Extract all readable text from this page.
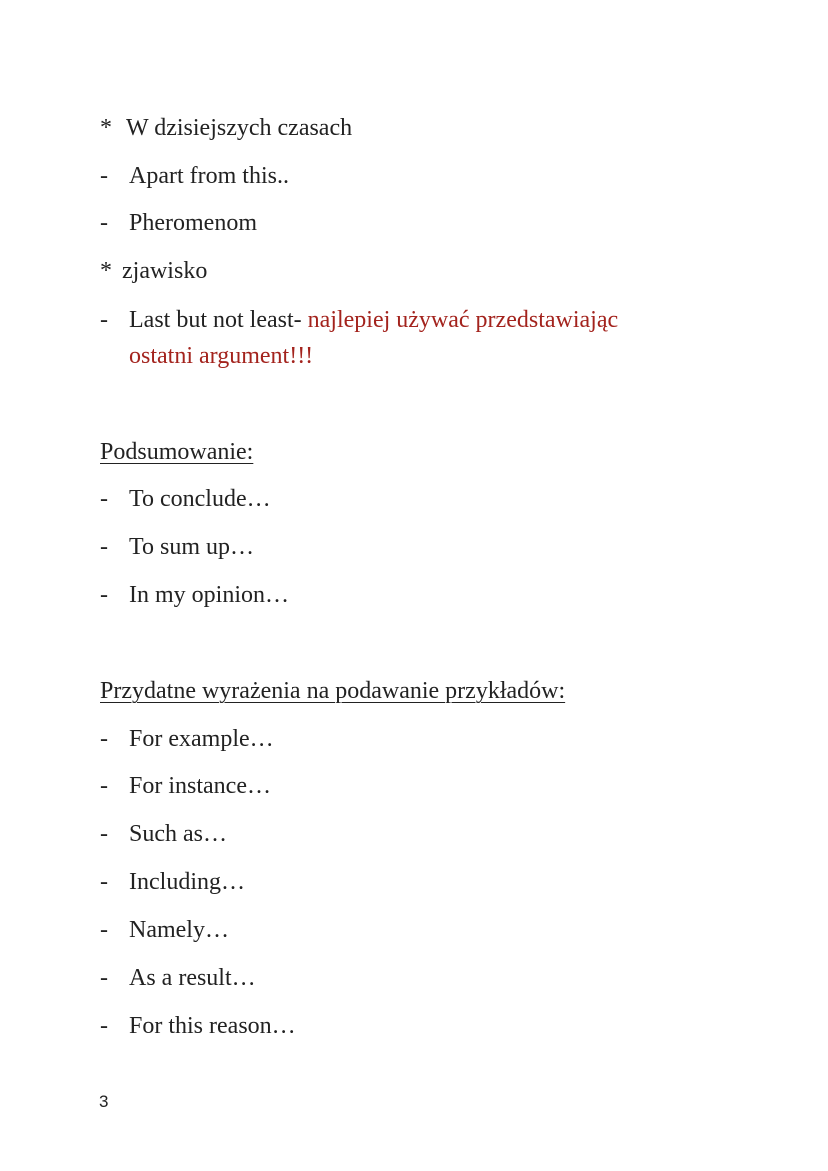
* W dzisiejszych czasach
- Apart from this..
- Pheromenom
* zjawisko
- Last but not least- najlepiej używać przedstawiając
ostatni argument!!!
Podsumowanie:
- To conclude…
- To sum up…
- In my opinion…
Przydatne wyrażenia na podawanie przykładów:
- For example…
- For instance…
- Such as…
- Including…
- Namely…
- As a result…
- For this reason…
3
